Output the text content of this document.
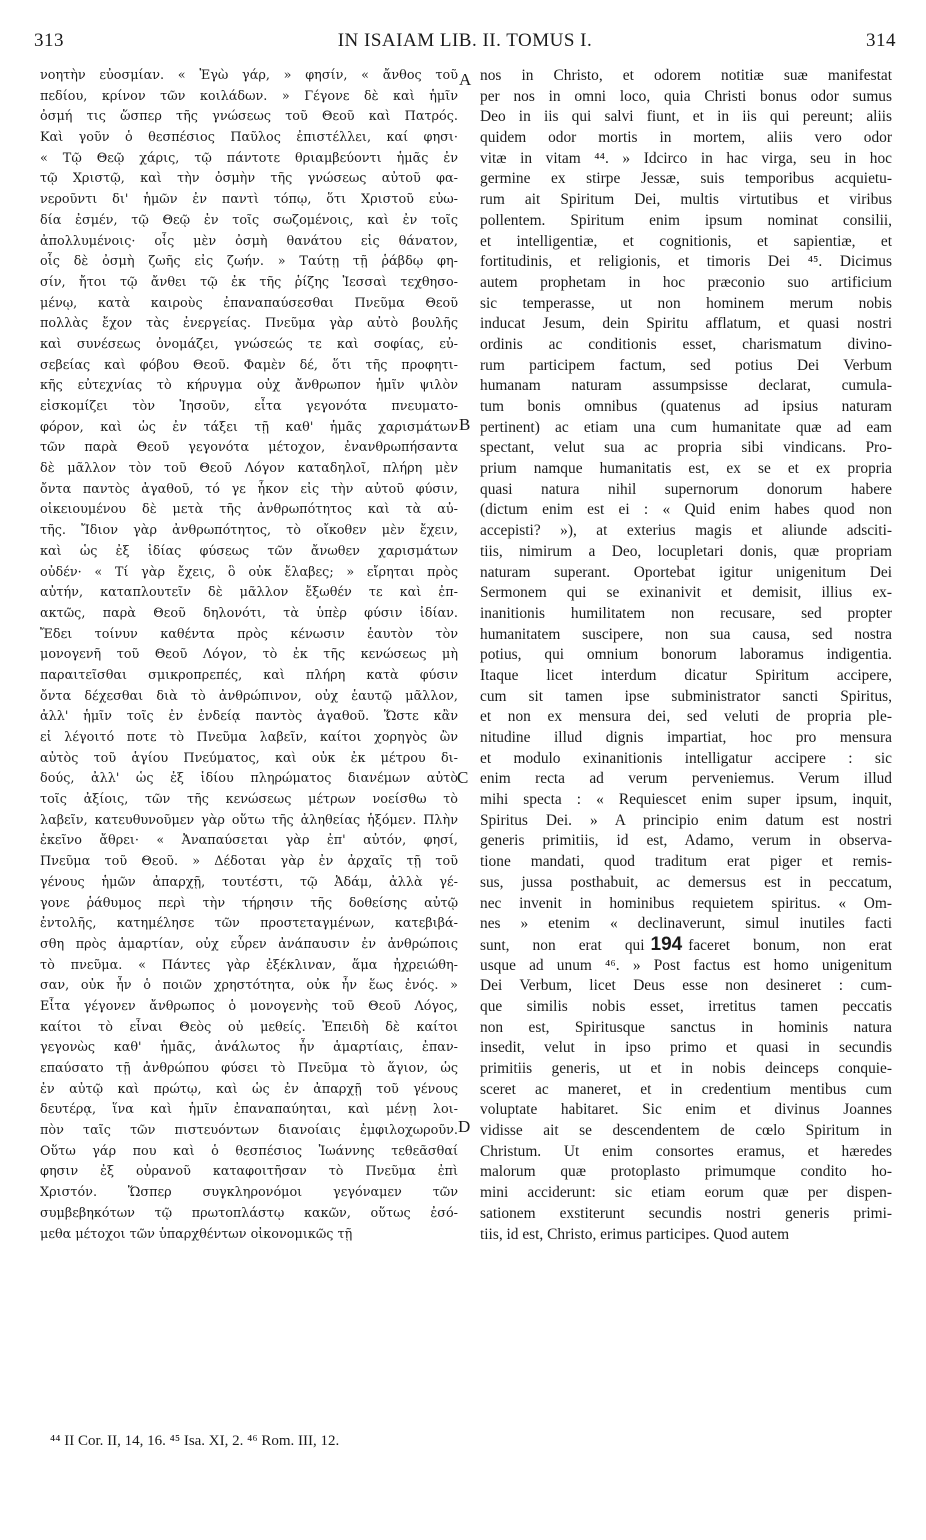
313	IN ISAIAM LIB. II. TOMUS I.	314
νοητὴν εὐοσμίαν. « Ἐγὼ γάρ, » φησίν, « ἄνθος τοῦ
πεδίου, κρίνον τῶν κοιλάδων. » Γέγονε δὲ καὶ ἡμῖν
ὀσμή τις ὥσπερ τῆς γνώσεως τοῦ Θεοῦ καὶ Πατρός.
Καὶ γοῦν ὁ θεσπέσιος Παῦλος ἐπιστέλλει, καί φησι·
« Τῷ Θεῷ χάρις, τῷ πάντοτε θριαμβεύοντι ἡμᾶς ἐν
τῷ Χριστῷ, καὶ τὴν ὀσμὴν τῆς γνώσεως αὐτοῦ φα-
νεροῦντι δι' ἡμῶν ἐν παντὶ τόπῳ, ὅτι Χριστοῦ εὐω-
δία ἐσμέν, τῷ Θεῷ ἐν τοῖς σωζομένοις, καὶ ἐν τοῖς
ἀπολλυμένοις· οἷς μὲν ὀσμὴ θανάτου εἰς θάνατον,
οἷς δὲ ὀσμὴ ζωῆς εἰς ζωήν. » Ταύτῃ τῇ ῥάβδῳ φη-
σίν, ἤτοι τῷ ἄνθει τῷ ἐκ τῆς ῥίζης Ἰεσσαὶ τεχθησο-
μένῳ, κατὰ καιροὺς ἐπαναπαύσεσθαι Πνεῦμα Θεοῦ
πολλὰς ἔχον τὰς ἐνεργείας. Πνεῦμα γὰρ αὐτὸ βουλῆς
καὶ συνέσεως ὀνομάζει, γνώσεώς τε καὶ σοφίας, εὐ-
σεβείας καὶ φόβου Θεοῦ. Φαμὲν δέ, ὅτι τῆς προφητι-
κῆς εὐτεχνίας τὸ κήρυγμα οὐχ ἄνθρωπον ἡμῖν ψιλὸν
εἰσκομίζει τὸν Ἰησοῦν, εἶτα γεγονότα πνευματο-
φόρον, καὶ ὡς ἐν τάξει τῇ καθ' ἡμᾶς χαρισμάτων
τῶν παρὰ Θεοῦ γεγονότα μέτοχον, ἐνανθρωπήσαντα
δὲ μᾶλλον τὸν τοῦ Θεοῦ Λόγον καταδηλοῖ, πλήρη μὲν
ὄντα παντὸς ἀγαθοῦ, τό γε ἧκον εἰς τὴν αὐτοῦ φύσιν,
οἰκειουμένου δὲ μετὰ τῆς ἀνθρωπότητος καὶ τὰ αὐ-
τῆς. Ἴδιον γὰρ ἀνθρωπότητος, τὸ οἴκοθεν μὲν ἔχειν,
καὶ ὡς ἐξ ἰδίας φύσεως τῶν ἄνωθεν χαρισμάτων
οὐδέν· « Τί γὰρ ἔχεις, ὃ οὐκ ἔλαβες; » εἴρηται πρὸς
αὐτήν, καταπλουτεῖν δὲ μᾶλλον ἔξωθέν τε καὶ ἐπ-
ακτῶς, παρὰ Θεοῦ δηλονότι, τὰ ὑπὲρ φύσιν ἰδίαν.
Ἔδει τοίνυν καθέντα πρὸς κένωσιν ἑαυτὸν τὸν
μονογενῆ τοῦ Θεοῦ Λόγον, τὸ ἐκ τῆς κενώσεως μὴ
παραιτεῖσθαι σμικροπρεπές, καὶ πλήρη κατὰ φύσιν
ὄντα δέχεσθαι διὰ τὸ ἀνθρώπινον, οὐχ ἑαυτῷ μᾶλλον,
ἀλλ' ἡμῖν τοῖς ἐν ἐνδείᾳ παντὸς ἀγαθοῦ. Ὥστε κἂν
εἰ λέγοιτό ποτε τὸ Πνεῦμα λαβεῖν, καίτοι χορηγὸς ὢν
αὐτὸς τοῦ ἁγίου Πνεύματος, καὶ οὐκ ἐκ μέτρου δι-
δούς, ἀλλ' ὡς ἐξ ἰδίου πληρώματος διανέμων αὐτὸ
τοῖς ἀξίοις, τῶν τῆς κενώσεως μέτρων νοείσθω τὸ
λαβεῖν, κατευθυνοῦμεν γὰρ οὕτω τῆς ἀληθείας ἡξόμεν. Πλὴν
ἐκεῖνο ἄθρει· « Ἀναπαύσεται γὰρ ἐπ' αὐτόν, φησί,
Πνεῦμα τοῦ Θεοῦ. » Δέδοται γὰρ ἐν ἀρχαῖς τῇ τοῦ
γένους ἡμῶν ἀπαρχῇ, τουτέστι, τῷ Ἀδάμ, ἀλλὰ γέ-
γονε ῥάθυμος περὶ τὴν τήρησιν τῆς δοθείσης αὐτῷ
ἐντολῆς, κατημέλησε τῶν προστεταγμένων, κατεβιβά-
σθη πρὸς ἁμαρτίαν, οὐχ εὗρεν ἀνάπαυσιν ἐν ἀνθρώποις
τὸ πνεῦμα. « Πάντες γὰρ ἐξέκλιναν, ἅμα ἠχρειώθη-
σαν, οὐκ ἦν ὁ ποιῶν χρηστότητα, οὐκ ἦν ἕως ἑνός. »
Εἶτα γέγονεν ἄνθρωπος ὁ μονογενὴς τοῦ Θεοῦ Λόγος,
καίτοι τὸ εἶναι Θεὸς οὐ μεθείς. Ἐπειδὴ δὲ καίτοι
γεγονὼς καθ' ἡμᾶς, ἀνάλωτος ἦν ἁμαρτίαις, ἐπαν-
επαύσατο τῇ ἀνθρώπου φύσει τὸ Πνεῦμα τὸ ἅγιον, ὡς
ἐν αὐτῷ καὶ πρώτῳ, καὶ ὡς ἐν ἀπαρχῇ τοῦ γένους
δευτέρᾳ, ἵνα καὶ ἡμῖν ἐπαναπαύηται, καὶ μένῃ λοι-
πὸν ταῖς τῶν πιστευόντων διανοίαις ἐμφιλοχωροῦν.
Οὕτω γάρ που καὶ ὁ θεσπέσιος Ἰωάννης τεθεᾶσθαί
φησιν ἐξ οὐρανοῦ καταφοιτῆσαν τὸ Πνεῦμα ἐπὶ
Χριστόν. Ὥσπερ συγκληρονόμοι γεγόναμεν τῶν
συμβεβηκότων τῷ πρωτοπλάστῳ κακῶν, οὕτως ἐσό-
μεθα μέτοχοι τῶν ὑπαρχθέντων οἰκονομικῶς τῇ
nos in Christo, et odorem notitiæ suæ manifestat
per nos in omni loco, quia Christi bonus odor sumus
Deo in iis qui salvi fiunt, et in iis qui pereunt; aliis
quidem odor mortis in mortem, aliis vero odor
vitæ in vitam ⁴⁴. » Idcirco in hac virga, seu in hoc
germine ex stirpe Jessæ, suis temporibus acquietu-
rum ait Spiritum Dei, multis virtutibus et viribus
pollentem. Spiritum enim ipsum nominat consilii,
et intelligentiæ, et cognitionis, et sapientiæ, et
fortitudinis, et religionis, et timoris Dei ⁴⁵. Dicimus
autem prophetam in hoc præconio suo artificium
sic temperasse, ut non hominem merum nobis
inducat Jesum, dein Spiritu afflatum, et quasi nostri
ordinis ac conditionis esset, charismatum divino-
rum participem factum, sed potius Dei Verbum
humanam naturam assumpsisse declarat, cumula-
tum bonis omnibus (quatenus ad ipsius naturam
pertinent) ac etiam una cum humanitate quæ ad eam
spectant, velut sua ac propria sibi vindicans. Pro-
prium namque humanitatis est, ex se et ex propria
quasi natura nihil supernorum donorum habere
(dictum enim est ei : « Quid enim habes quod non
accepisti? »), at exterius magis et aliunde adsciti-
tiis, nimirum a Deo, locupletari donis, quæ propriam
naturam superant. Oportebat igitur unigenitum Dei
Sermonem qui se exinanivit et demisit, illius ex-
inanitionis humilitatem non recusare, sed propter
humanitatem suscipere, non sua causa, sed nostra
potius, qui omnium bonorum laboramus indigentia.
Itaque licet interdum dicatur Spiritum accipere,
cum sit tamen ipse subministrator sancti Spiritus,
et non ex mensura dei, sed veluti de propria ple-
nitudine illud dignis impartiat, hoc pro mensura
et modulo exinanitionis intelligatur accipere : sic
enim recta ad verum perveniemus. Verum illud
mihi specta : « Requiescet enim super ipsum, inquit,
Spiritus Dei. » A principio enim datum est nostri
generis primitiis, id est, Adamo, verum in observa-
tione mandati, quod traditum erat piger et remis-
sus, jussa posthabuit, ac demersus est in peccatum,
nec invenit in hominibus requietem spiritus. « Om-
nes » etenim « declinaverunt, simul inutiles facti
sunt, non erat qui 194 faceret bonum, non erat
usque ad unum ⁴⁶. » Post factus est homo unigenitum
Dei Verbum, licet Deus esse non desineret : cum-
que similis nobis esset, irretitus tamen peccatis
non est, Spiritusque sanctus in hominis natura
insedit, velut in ipso primo et quasi in secundis
primitiis generis, ut et in nobis deinceps conquie-
sceret ac maneret, et in credentium mentibus cum
voluptate habitaret. Sic enim et divinus Joannes
vidisse ait se descendentem de cœlo Spiritum in
Christum. Ut enim consortes eramus, et hæredes
malorum quæ protoplasto primumque condito ho-
mini acciderunt: sic etiam eorum quæ per dispen-
sationem exstiterunt secundis nostri generis primi-
tiis, id est, Christo, erimus participes. Quod autem
A
B
C
D
⁴⁴ II Cor. II, 14, 16. ⁴⁵ Isa. XI, 2. ⁴⁶ Rom. III, 12.
